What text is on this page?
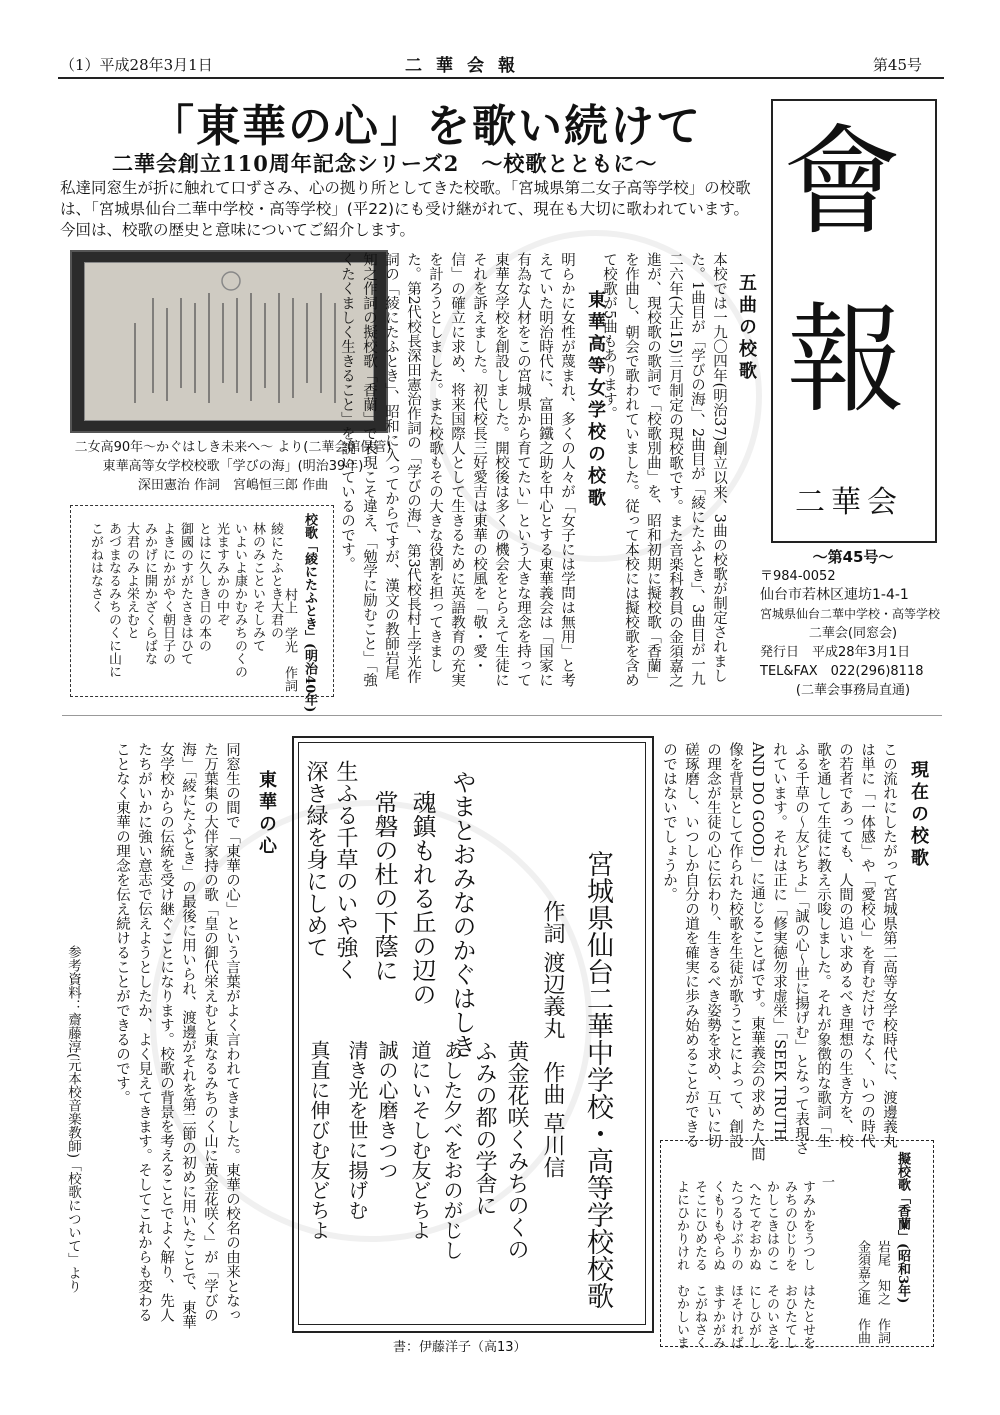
（1）平成28年3月1日	二華会報	第45号
「東華の心」を歌い続けて
二華会創立110周年記念シリーズ2　～校歌とともに～
私達同窓生が折に触れて口ずさみ、心の拠り所としてきた校歌。「宮城県第二女子高等学校」の校歌は、「宮城県仙台二華中学校・高等学校」(平22)にも受け継がれて、現在も大切に歌われています。今回は、校歌の歴史と意味についてご紹介します。
二女高90年～かぐはしき未来へ～ より(二華会館保管)
東華高等女学校校歌「学びの海」(明治39年)
深田憲治 作詞　宮嶋恒三郎 作曲
五曲の校歌
本校では一九〇四年(明治37)創立以来、3曲の校歌が制定されました。1曲目が「学びの海」、2曲目が「綾にたふとき」、3曲目が一九二六年(大正15)三月制定の現校歌です。また音楽科教員の金須嘉之進が、現校歌の歌詞で「校歌別曲」を、昭和初期に擬校歌「香蘭」を作曲し、朝会で歌われていました。従って本校には擬校歌を含めて校歌が5曲もあります。
東華高等女学校の校歌
明らかに女性が蔑まれ、多くの人々が「女子には学問は無用」と考えていた明治時代に、富田鐵之助を中心とする東華義会は「国家に有為な人材をこの宮城県から育てたい」という大きな理念を持って東華女学校を創設しました。開校後は多くの機会をとらえて生徒にそれを訴えました。初代校長三好愛吉は東華の校風を「敬・愛・信」の確立に求め、将来国際人として生きるために英語教育の充実を計ろうとしました。また校歌もその大きな役割を担ってきました。第2代校長深田憲治作詞の「学びの海」、第3代校長村上学光作詞の「綾にたふとき」、昭和に入ってからですが、漢文の教師岩尾知之作詞の擬校歌「香蘭」で表現こそ違え、「勉学に励むこと」「強くたくましく生きること」を説いているのです。
校歌「綾にたふとき」(明治40年)
村上　学光　作詞
綾にたふとき大君の
林のみこといそしみて
いよいよ康かむみちのくの
光ますみかの中ぞ
とはに久しき日の本の
御國のすがたさきはひて
よきにかがやく朝日子の
みかげに開かざくらばな
大君のみよ栄えむと
あづまなるみちのくに山に
こがねはなさく
會
報
二華会
～第45号～
〒984-0052
仙台市若林区連坊1-4-1
宮城県仙台二華中学校・高等学校
二華会(同窓会)
発行日　平成28年3月1日
TEL&FAX　022(296)8118
(二華会事務局直通)
現在の校歌
この流れにしたがって宮城県第二高等女学校時代に、渡邊義丸は単に「一体感」や「愛校心」を育むだけでなく、いつの時代の若者であっても、人間の追い求めるべき理想の生き方を、校歌を通して生徒に教え示唆しました。それが象徴的な歌詞「生ふる千草の～友どちよ」「誠の心～世に揚げむ」となって表現されています。それは正に「修実徳勿求虚栄」「SEEK TRUTH AND DO GOOD」に通じることばです。東華義会の求めた人間像を背景として作られた校歌を生徒が歌うことによって、創設の理念が生徒の心に伝わり、生きるべき姿勢を求め、互いに切磋琢磨し、いつしか自分の道を確実に歩み始めることができるのではないでしょうか。
擬校歌「香蘭」(昭和3年)
岩尾　知之　作詞
金須嘉之進　作曲
一
すみかをうつし　はたとせを
みちのひじりを　おひたてし
かしこきはのこ　そのいさを
へたてぞおかぬ　にしひがし
たつるけぶりの　ほそければ
くもりもやらぬ　ますかがみ
そこにひめたる　こがねさく
よにひかりけれ　むかしいま
宮城県仙台二華中学校・高等学校校歌
作詞 渡辺義丸　作曲 草川信
やまとおみなのかぐはしき
魂鎮もれる丘の辺の
常磐の杜の下蔭に
深き緑を身にしめて 生ふる千草のいや強く
真直に伸びむ友どちよ	黄金花咲くみちのくの
ふみの都の学舎に
あした夕べをおのがじし
道にいそしむ友どちよ
誠の心磨きつつ
清き光を世に揚げむ
書：伊藤洋子（高13）
東華の心
同窓生の間で「東華の心」という言葉がよく言われてきました。東華の校名の由来となった万葉集の大伴家持の歌「皇の御代栄えむと東なるみちのく山に黄金花咲く」が「学びの海」「綾にたふとき」の最後に用いられ、渡邊がそれを第二節の初めに用いたことで、東華女学校からの伝統を受け継ぐことになります。校歌の背景を考えることでよく解り、先人たちがいかに強い意志で伝えようとしたか、よく見えてきます。そしてこれからも変わることなく東華の理念を伝え続けることができるのです。
参考資料：齋藤淳(元本校音楽教師)「校歌について」より
